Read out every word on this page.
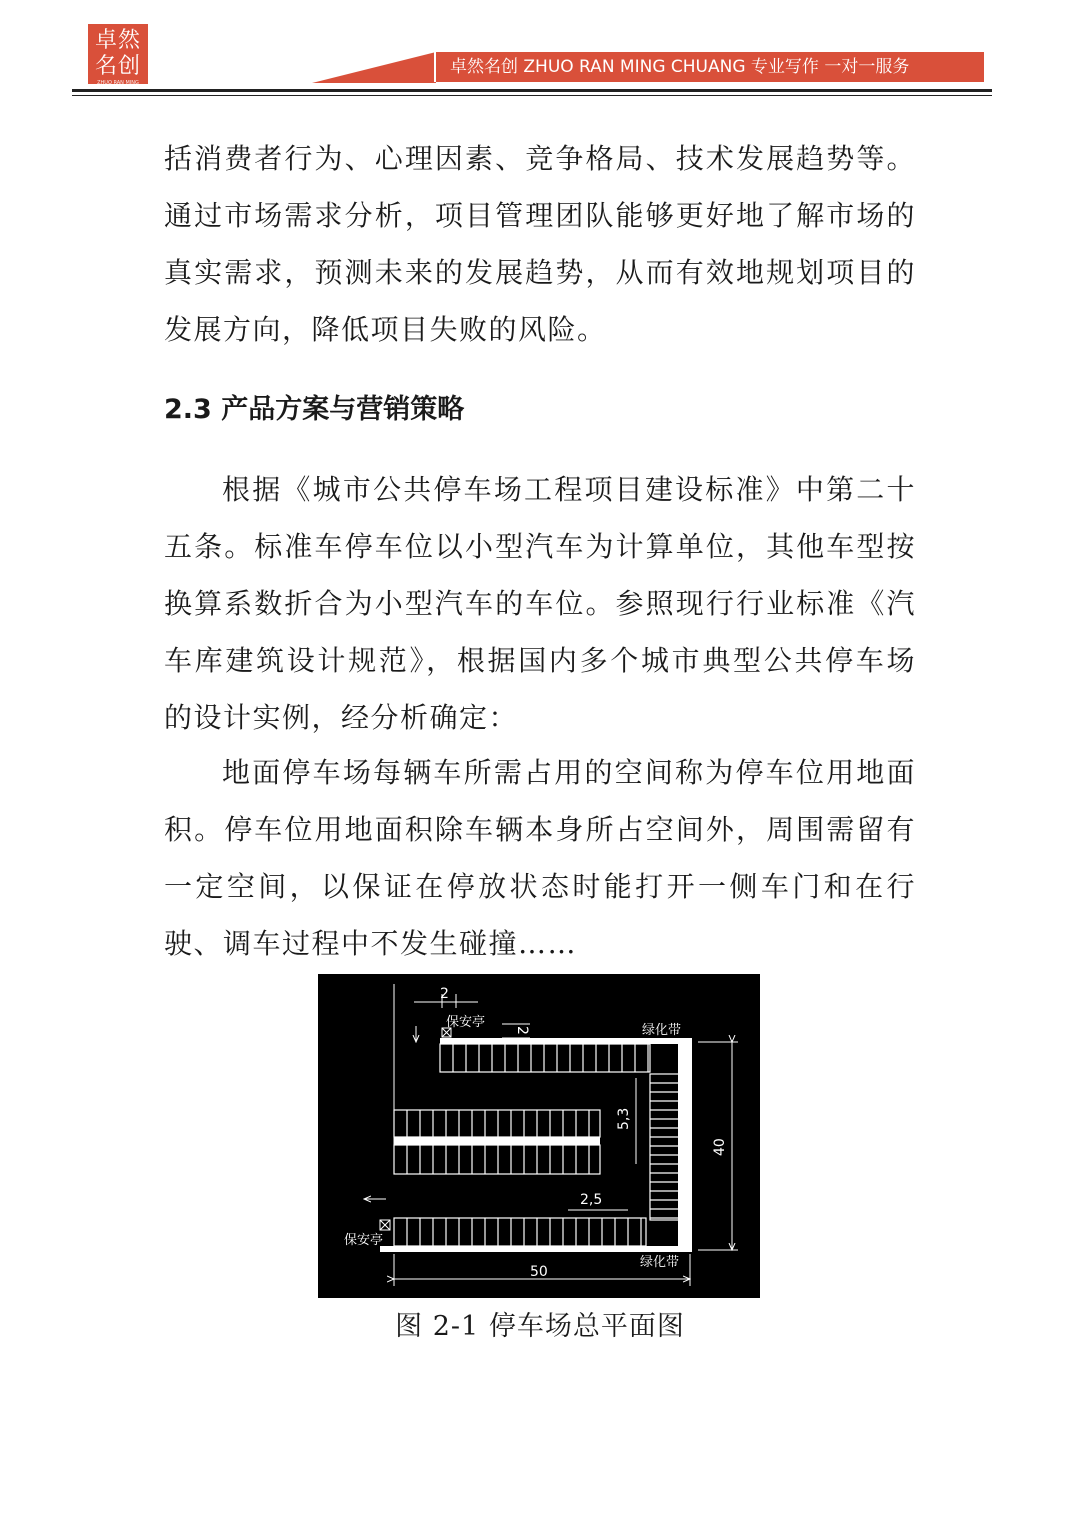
卓然
名创
ZHUO RAN MING
卓然名创 ZHUO RAN MING CHUANG 专业写作 一对一服务

括消费者行为、心理因素、竞争格局、技术发展趋势等。通过市场需求分析，项目管理团队能够更好地了解市场的真实需求，预测未来的发展趋势，从而有效地规划项目的发展方向，降低项目失败的风险。

2.3 产品方案与营销策略

根据《城市公共停车场工程项目建设标准》中第二十五条。标准车停车位以小型汽车为计算单位，其他车型按换算系数折合为小型汽车的车位。参照现行行业标准《汽车库建筑设计规范》，根据国内多个城市典型公共停车场的设计实例，经分析确定：

地面停车场每辆车所需占用的空间称为停车位用地面积。停车位用地面积除车辆本身所占空间外，周围需留有一定空间，以保证在停放状态时能打开一侧车门和在行驶、调车过程中不发生碰撞……

2
保安亭
2	绿化带
5,3
40
2,5
保安亭
绿化带
50

图 2-1 停车场总平面图
